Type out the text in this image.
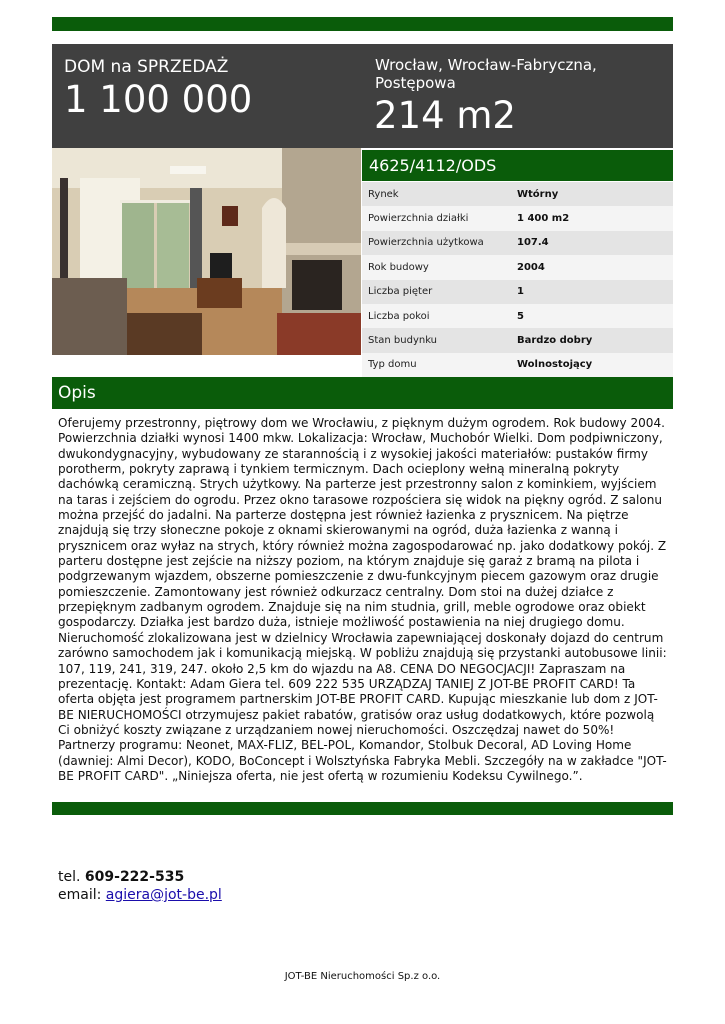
DOM na SPRZEDAŻ
1 100 000
Wrocław, Wrocław-Fabryczna, Postępowa
214 m2
4625/4112/ODS
Rynek	Wtórny
Powierzchnia działki	1 400 m2
Powierzchnia użytkowa	107.4
Rok budowy	2004
Liczba pięter	1
Liczba pokoi	5
Stan budynku	Bardzo dobry
Typ domu	Wolnostojący
Opis
Oferujemy przestronny, piętrowy dom we Wrocławiu, z pięknym dużym ogrodem. Rok budowy 2004. Powierzchnia działki wynosi 1400 mkw. Lokalizacja: Wrocław, Muchobór Wielki. Dom podpiwniczony, dwukondygnacyjny, wybudowany ze starannością i z wysokiej jakości materiałów: pustaków firmy porotherm, pokryty zaprawą i tynkiem termicznym. Dach ocieplony wełną mineralną pokryty dachówką ceramiczną. Strych użytkowy. Na parterze jest przestronny salon z kominkiem, wyjściem na taras i zejściem do ogrodu. Przez okno tarasowe rozpościera się widok na piękny ogród. Z salonu można przejść do jadalni. Na parterze dostępna jest również łazienka z prysznicem. Na piętrze znajdują się trzy słoneczne pokoje z oknami skierowanymi na ogród, duża łazienka z wanną i prysznicem oraz wyłaz na strych, który również można zagospodarować np. jako dodatkowy pokój. Z parteru dostępne jest zejście na niższy poziom, na którym znajduje się garaż z bramą na pilota i podgrzewanym wjazdem, obszerne pomieszczenie z dwu-funkcyjnym piecem gazowym oraz drugie pomieszczenie. Zamontowany jest również odkurzacz centralny. Dom stoi na dużej działce z przepięknym zadbanym ogrodem. Znajduje się na nim studnia, grill, meble ogrodowe oraz obiekt gospodarczy. Działka jest bardzo duża, istnieje możliwość postawienia na niej drugiego domu. Nieruchomość zlokalizowana jest w dzielnicy Wrocławia zapewniającej doskonały dojazd do centrum zarówno samochodem jak i komunikacją miejską. W pobliżu znajdują się przystanki autobusowe linii: 107, 119, 241, 319, 247. około 2,5 km do wjazdu na A8. CENA DO NEGOCJACJI! Zapraszam na prezentację. Kontakt: Adam Giera tel. 609 222 535 URZĄDZAJ TANIEJ Z JOT-BE PROFIT CARD! Ta oferta objęta jest programem partnerskim JOT-BE PROFIT CARD. Kupując mieszkanie lub dom z JOT-BE NIERUCHOMOŚCI otrzymujesz pakiet rabatów, gratisów oraz usług dodatkowych, które pozwolą Ci obniżyć koszty związane z urządzaniem nowej nieruchomości. Oszczędzaj nawet do 50%! Partnerzy programu: Neonet, MAX-FLIZ, BEL-POL, Komandor, Stolbuk Decoral, AD Loving Home (dawniej: Almi Decor), KODO, BoConcept i Wolsztyńska Fabryka Mebli. Szczegóły na w zakładce "JOT-BE PROFIT CARD". „Niniejsza oferta, nie jest ofertą w rozumieniu Kodeksu Cywilnego.”.
tel. 609-222-535
email: agiera@jot-be.pl
JOT-BE Nieruchomości Sp.z o.o.
